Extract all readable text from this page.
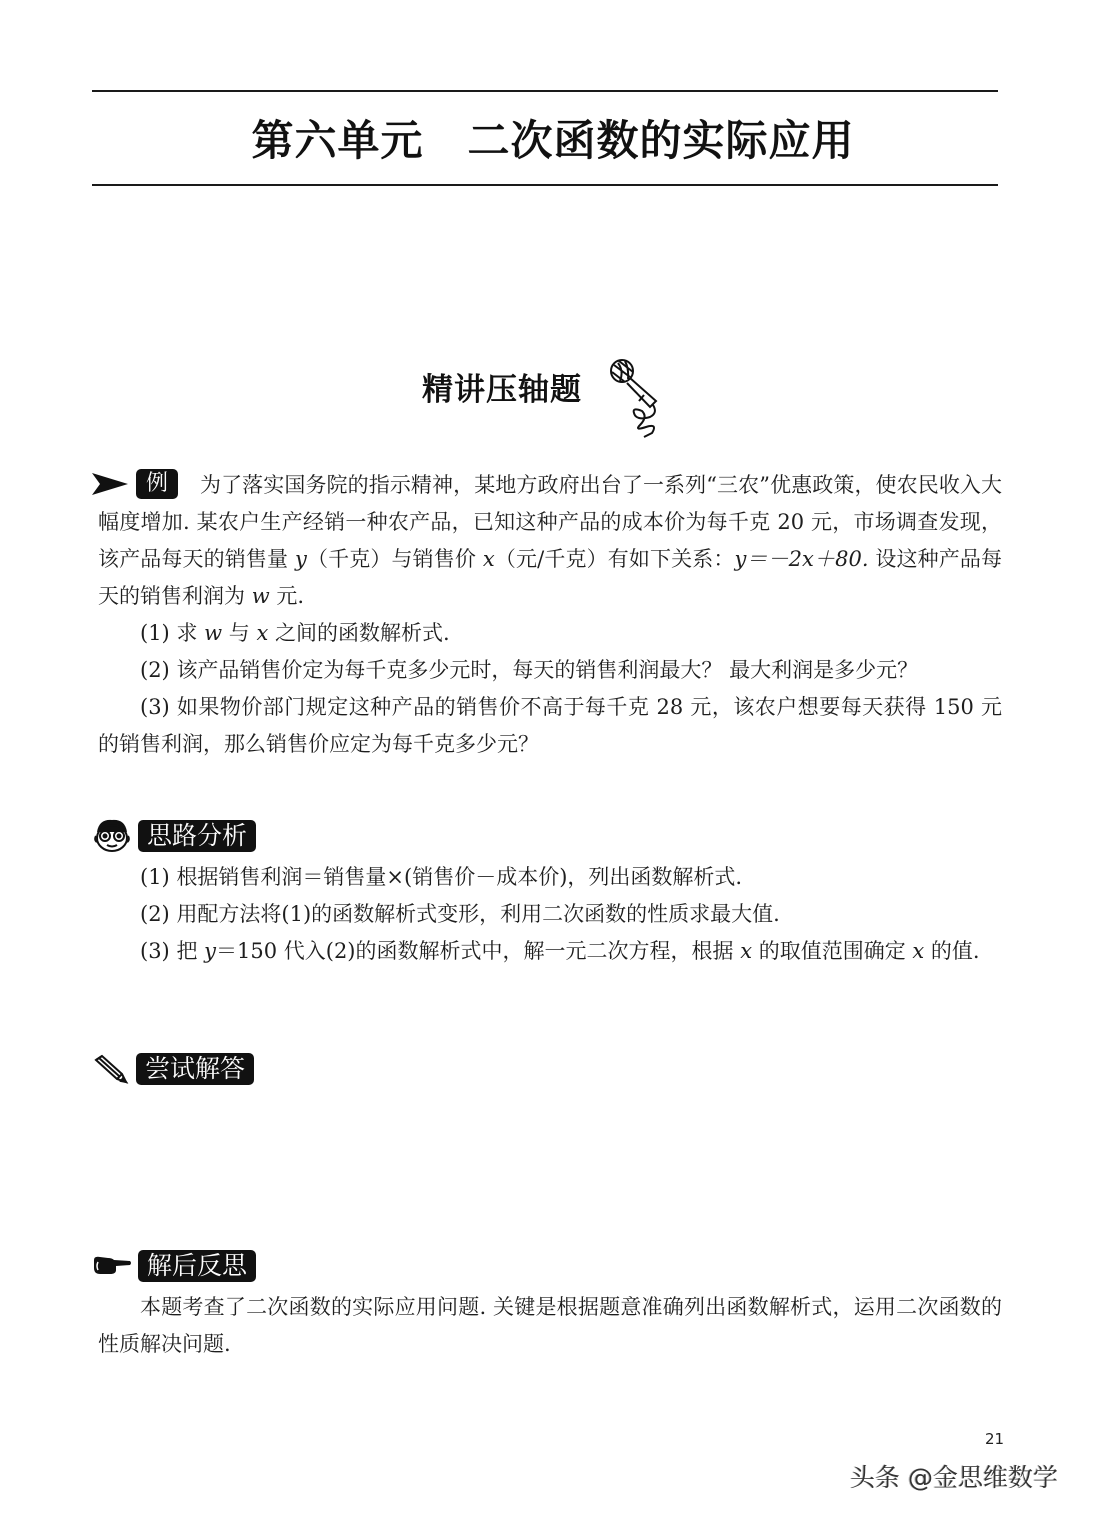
第六单元 二次函数的实际应用
精讲压轴题
例	为了落实国务院的指示精神，某地方政府出台了一系列“三农”优惠政策，使农民收入大幅度增加. 某农户生产经销一种农产品，已知这种产品的成本价为每千克 20 元，市场调查发现，该产品每天的销售量 y（千克）与销售价 x（元/千克）有如下关系：y＝－2x＋80. 设这种产品每天的销售利润为 w 元.

(1) 求 w 与 x 之间的函数解析式.

(2) 该产品销售价定为每千克多少元时，每天的销售利润最大？ 最大利润是多少元？

(3) 如果物价部门规定这种产品的销售价不高于每千克 28 元，该农户想要每天获得 150 元的销售利润，那么销售价应定为每千克多少元？

思路分析

(1) 根据销售利润＝销售量×(销售价－成本价)，列出函数解析式.

(2) 用配方法将(1)的函数解析式变形，利用二次函数的性质求最大值.

(3) 把 y＝150 代入(2)的函数解析式中，解一元二次方程，根据 x 的取值范围确定 x 的值.

尝试解答
解后反思

本题考查了二次函数的实际应用问题. 关键是根据题意准确列出函数解析式，运用二次函数的性质解决问题.

21
头条 @金思维数学
